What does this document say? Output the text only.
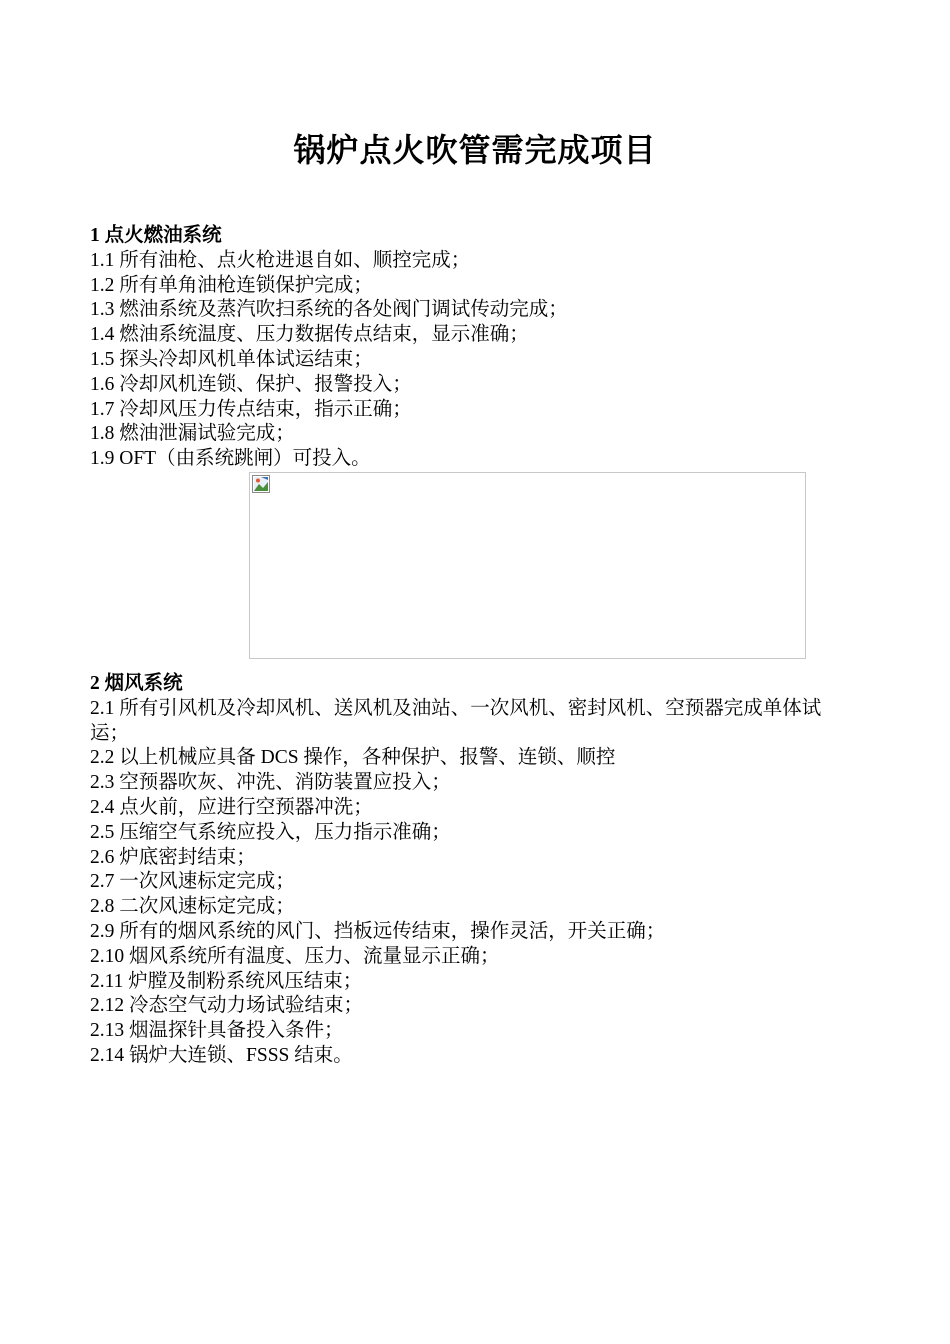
锅炉点火吹管需完成项目
1 点火燃油系统
1.1 所有油枪、点火枪进退自如、顺控完成；
1.2 所有单角油枪连锁保护完成；
1.3 燃油系统及蒸汽吹扫系统的各处阀门调试传动完成；
1.4 燃油系统温度、压力数据传点结束，显示准确；
1.5 探头冷却风机单体试运结束；
1.6 冷却风机连锁、保护、报警投入；
1.7 冷却风压力传点结束，指示正确；
1.8 燃油泄漏试验完成；
1.9 OFT（由系统跳闸）可投入。
2 烟风系统
2.1 所有引风机及冷却风机、送风机及油站、一次风机、密封风机、空预器完成单体试运；
2.2 以上机械应具备 DCS 操作，各种保护、报警、连锁、顺控
2.3 空预器吹灰、冲洗、消防装置应投入；
2.4 点火前，应进行空预器冲洗；
2.5 压缩空气系统应投入，压力指示准确；
2.6 炉底密封结束；
2.7 一次风速标定完成；
2.8 二次风速标定完成；
2.9 所有的烟风系统的风门、挡板远传结束，操作灵活，开关正确；
2.10 烟风系统所有温度、压力、流量显示正确；
2.11 炉膛及制粉系统风压结束；
2.12 冷态空气动力场试验结束；
2.13 烟温探针具备投入条件；
2.14 锅炉大连锁、FSSS 结束。
